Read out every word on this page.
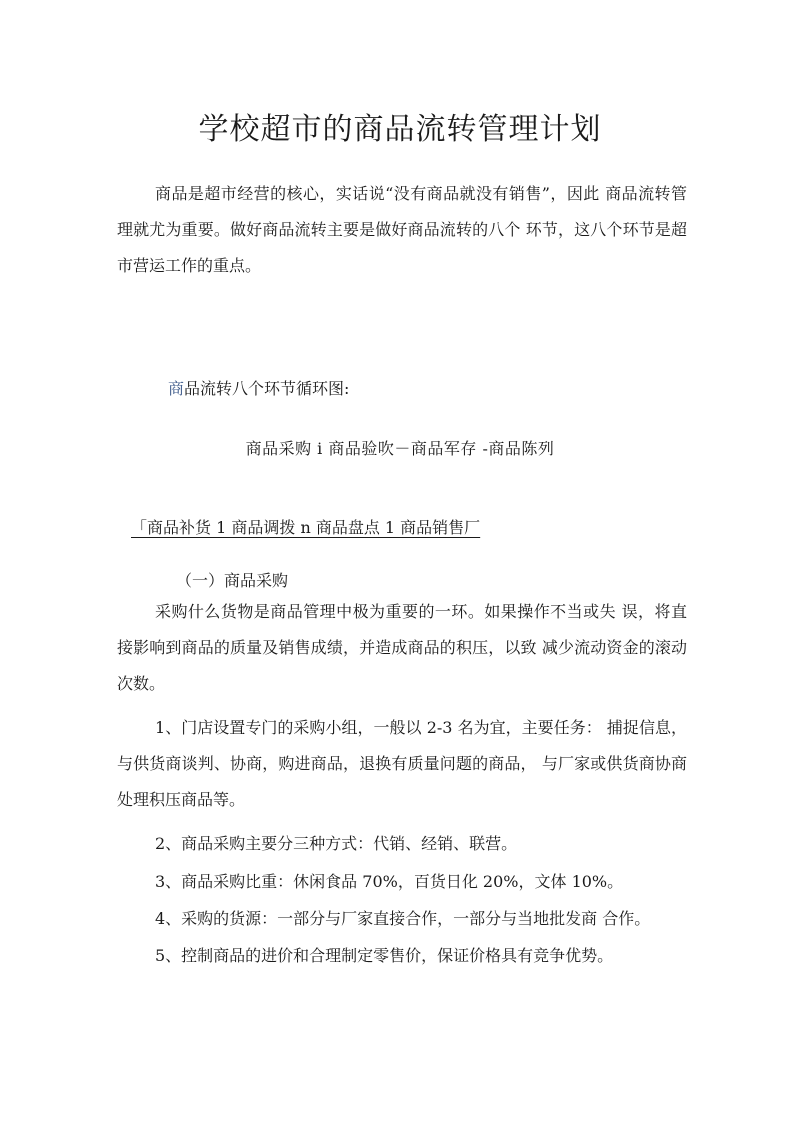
学校超市的商品流转管理计划

商品是超市经营的核心，实话说“没有商品就没有销售”，因此 商品流转管理就尤为重要。做好商品流转主要是做好商品流转的八个 环节，这八个环节是超市营运工作的重点。

商品流转八个环节循环图:
商品采购 i 商品验吹－商品军存 -商品陈列
「商品补货 1 商品调拨 n 商品盘点 1 商品销售厂
（一）商品采购

采购什么货物是商品管理中极为重要的一环。如果操作不当或失 误，将直接影响到商品的质量及销售成绩，并造成商品的积压，以致 减少流动资金的滚动次数。

1、门店设置专门的采购小组，一般以 2-3 名为宜，主要任务： 捕捉信息，与供货商谈判、协商，购进商品，退换有质量问题的商品， 与厂家或供货商协商处理积压商品等。

2、商品采购主要分三种方式：代销、经销、联营。

3、商品采购比重：休闲食品 70%，百货日化 20%，文体 10%。

4、采购的货源：一部分与厂家直接合作，一部分与当地批发商 合作。

5、控制商品的进价和合理制定零售价，保证价格具有竞争优势。
